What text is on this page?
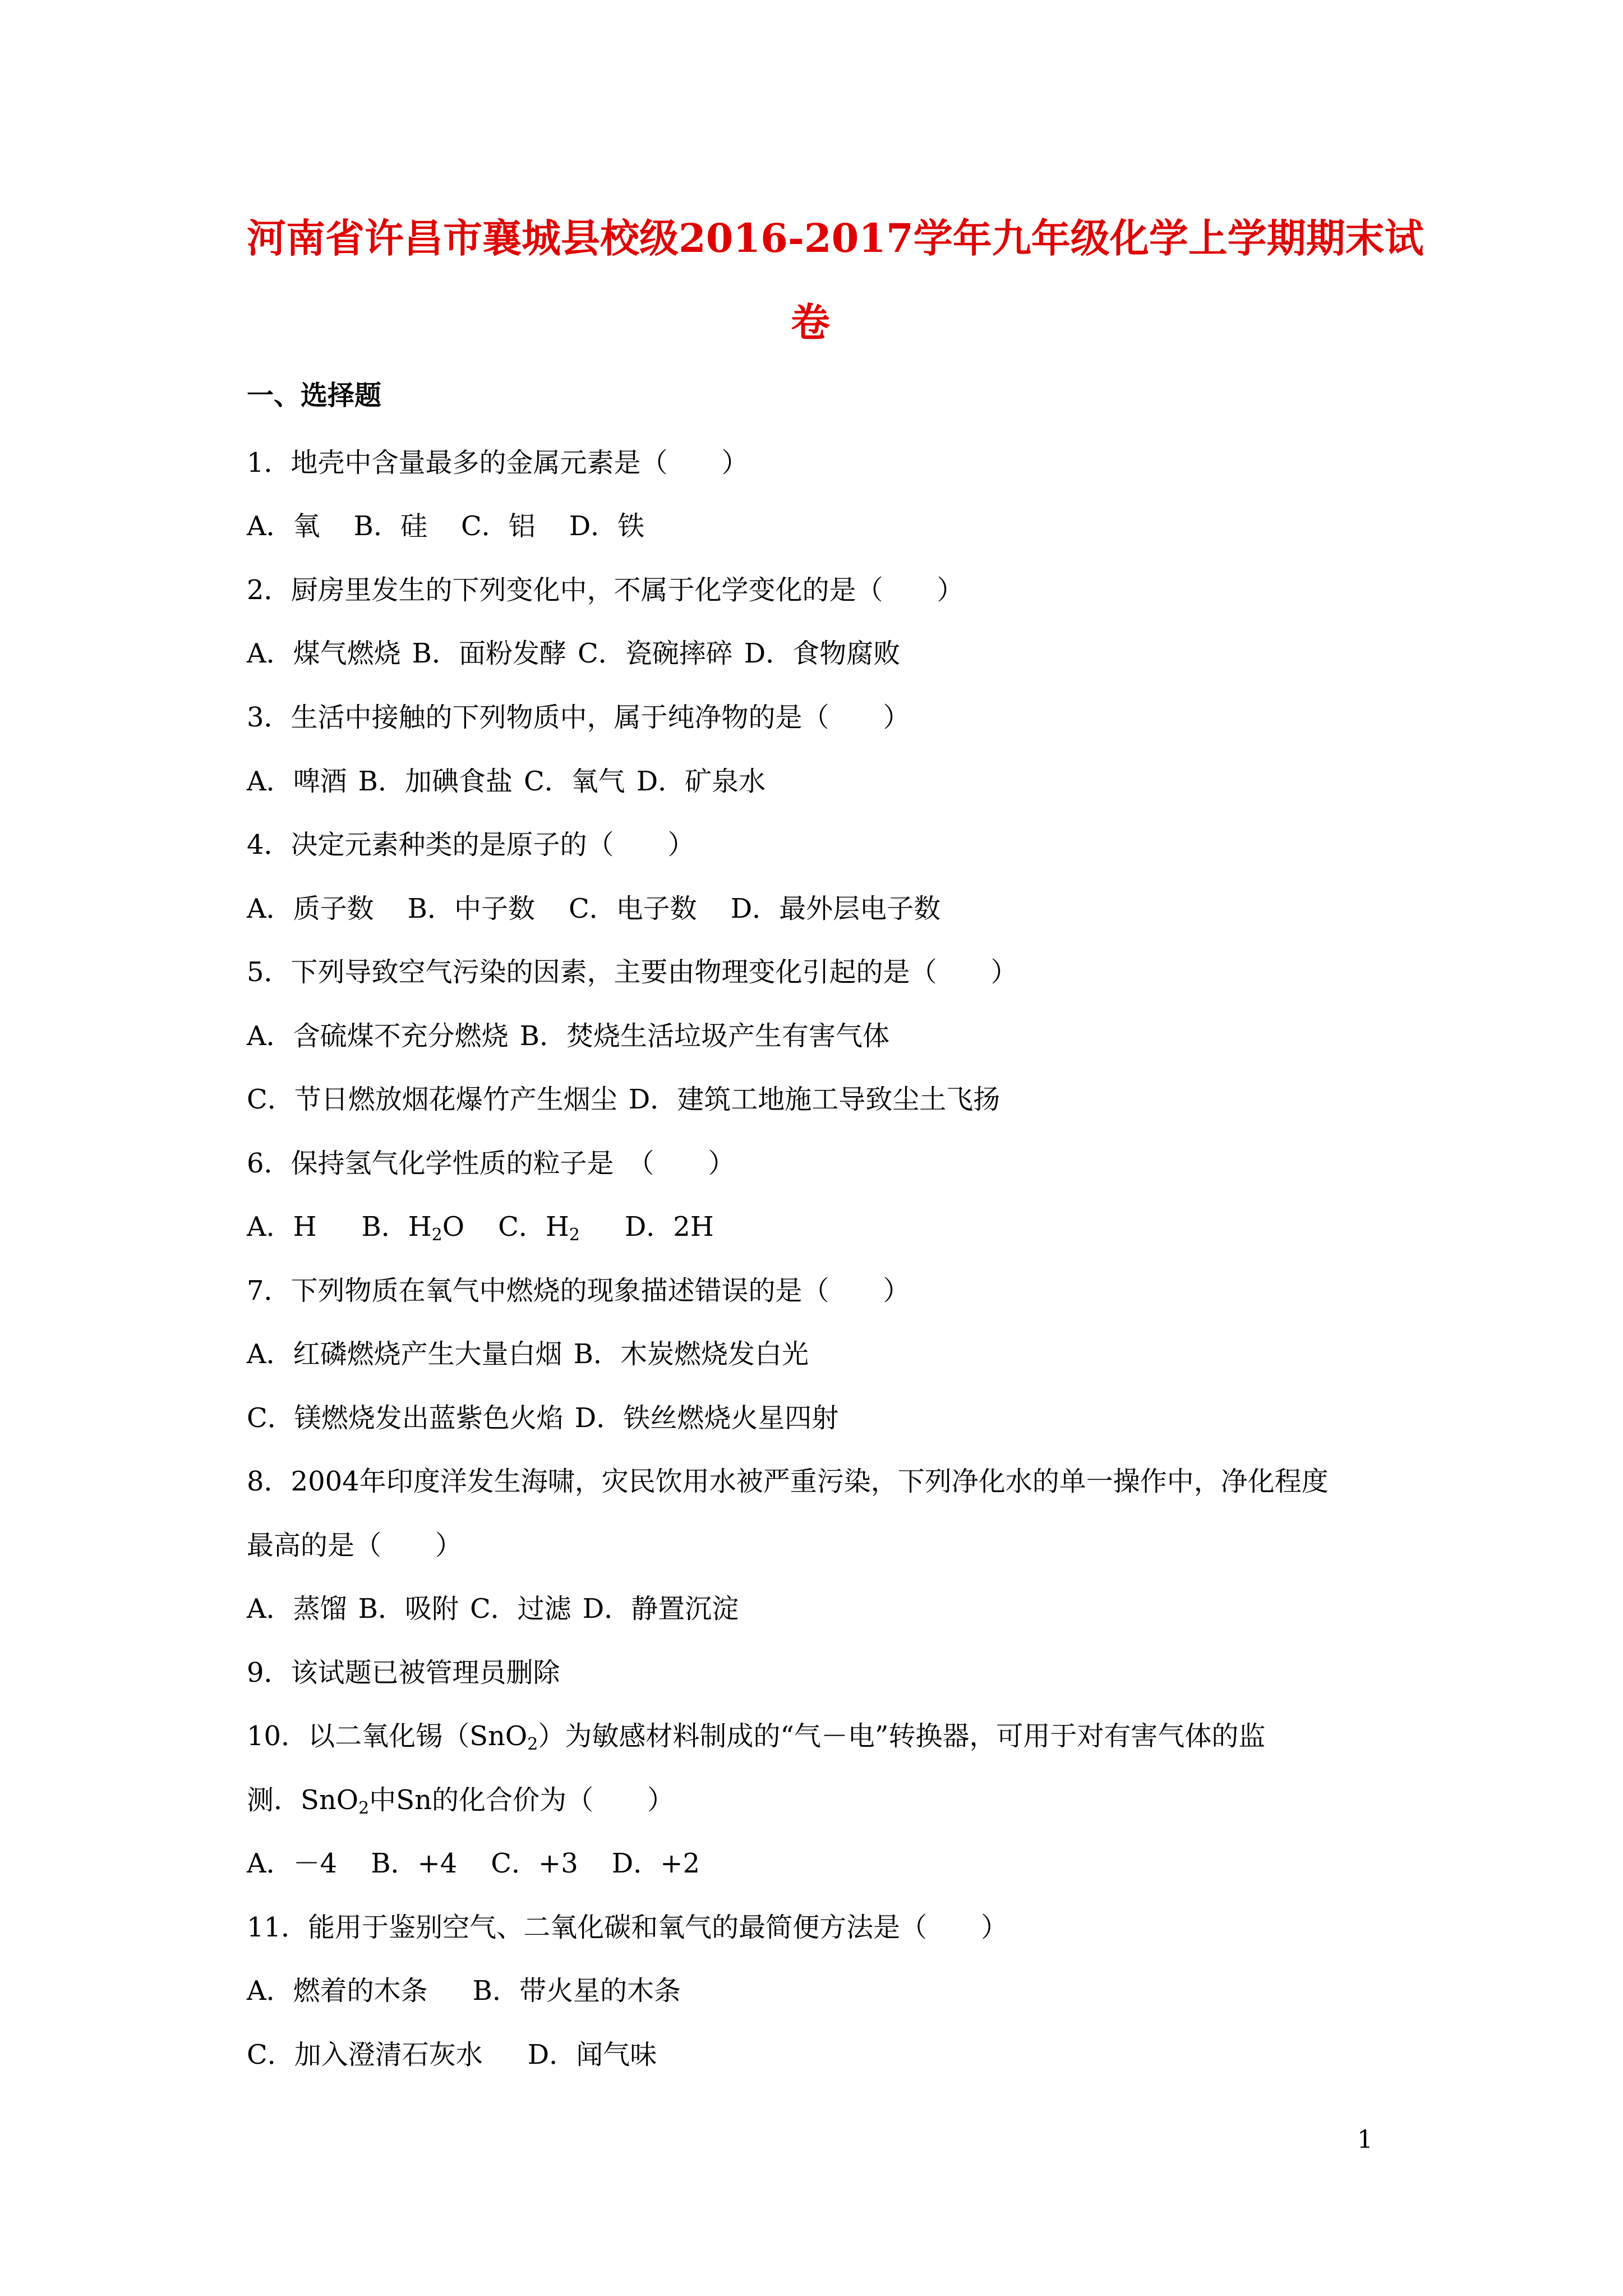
河南省许昌市襄城县校级2016-2017学年九年级化学上学期期末试
卷
一、选择题
1．地壳中含量最多的金属元素是（　　）
A．氧 B．硅 C．铝 D．铁
2．厨房里发生的下列变化中，不属于化学变化的是（　　）
A．煤气燃烧 B．面粉发酵 C．瓷碗摔碎 D．食物腐败
3．生活中接触的下列物质中，属于纯净物的是（　　）
A．啤酒 B．加碘食盐 C．氧气 D．矿泉水
4．决定元素种类的是原子的（　　）
A．质子数 B．中子数 C．电子数 D．最外层电子数
5．下列导致空气污染的因素，主要由物理变化引起的是（　　）
A．含硫煤不充分燃烧 B．焚烧生活垃圾产生有害气体
C．节日燃放烟花爆竹产生烟尘 D．建筑工地施工导致尘土飞扬
6．保持氢气化学性质的粒子是　（　　）
A．H B．$H_2O$ C．$H_2$ D．2H
7．下列物质在氧气中燃烧的现象描述错误的是（　　）
A．红磷燃烧产生大量白烟 B．木炭燃烧发白光
C．镁燃烧发出蓝紫色火焰 D．铁丝燃烧火星四射
8．2004年印度洋发生海啸，灾民饮用水被严重污染，下列净化水的单一操作中，净化程度
最高的是（　　）
A．蒸馏 B．吸附 C．过滤 D．静置沉淀
9．该试题已被管理员删除
10．以二氧化锡（SnO$_2$）为敏感材料制成的“气－电”转换器，可用于对有害气体的监
测．SnO$_2$中Sn的化合价为（　　）
A．－4 B．+4 C．+3 D．+2
11．能用于鉴别空气、二氧化碳和氧气的最简便方法是（　　）
A．燃着的木条 B．带火星的木条
C．加入澄清石灰水 D．闻气味
1
